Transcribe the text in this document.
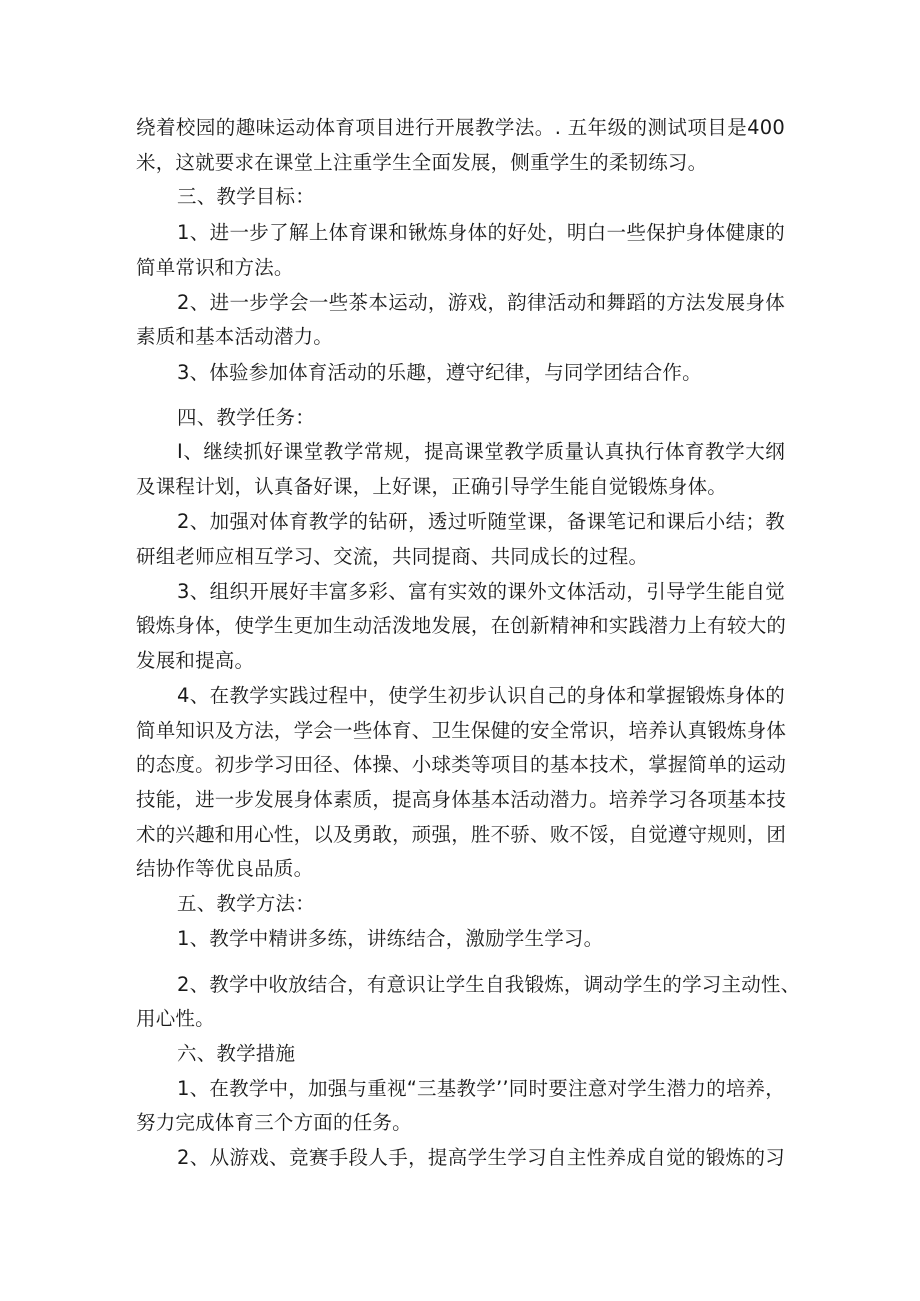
绕着校园的趣味运动体育项目进行开展教学法。. 五年级的测试项目是400
米，这就要求在课堂上注重学生全面发展，侧重学生的柔韧练习。
三、教学目标：
1、进一步了解上体育课和锹炼身体的好处，明白一些保护身体健康的
简单常识和方法。
2、进一步学会一些茶本运动，游戏，韵律活动和舞蹈的方法发展身体
素质和基本活动潜力。
3、体验参加体育活动的乐趣，遵守纪律，与同学团结合作。
四、教学任务：
I、继续抓好课堂教学常规，提高课堂教学质量认真执行体育教学大纲
及课程计划，认真备好课，上好课，正确引导学生能自觉锻炼身体。
2、加强对体育教学的钻研，透过听随堂课，备课笔记和课后小结；教
研组老师应相互学习、交流，共同提商、共同成长的过程。
3、组织开展好丰富多彩、富有实效的课外文体活动，引导学生能自觉
锻炼身体，使学生更加生动活泼地发展，在创新精神和实践潜力上有较大的
发展和提高。
4、在教学实践过程中，使学生初步认识自己的身体和掌握锻炼身体的
简单知识及方法，学会一些体育、卫生保健的安全常识，培养认真锻炼身体
的态度。初步学习田径、体操、小球类等项目的基本技术，掌握简单的运动
技能，进一步发展身体素质，提高身体基本活动潜力。培养学习各项基本技
术的兴趣和用心性，以及勇敢，顽强，胜不骄、败不馁，自觉遵守规则，团
结协作等优良品质。
五、教学方法：
1、教学中精讲多练，讲练结合，激励学生学习。
2、教学中收放结合，有意识让学生自我锻炼，调动学生的学习主动性、
用心性。
六、教学措施
1、在教学中，加强与重视“三基教学’’同时要注意对学生潜力的培养，
努力完成体育三个方面的任务。
2、从游戏、竞赛手段人手，提高学生学习自主性养成自觉的锻炼的习
